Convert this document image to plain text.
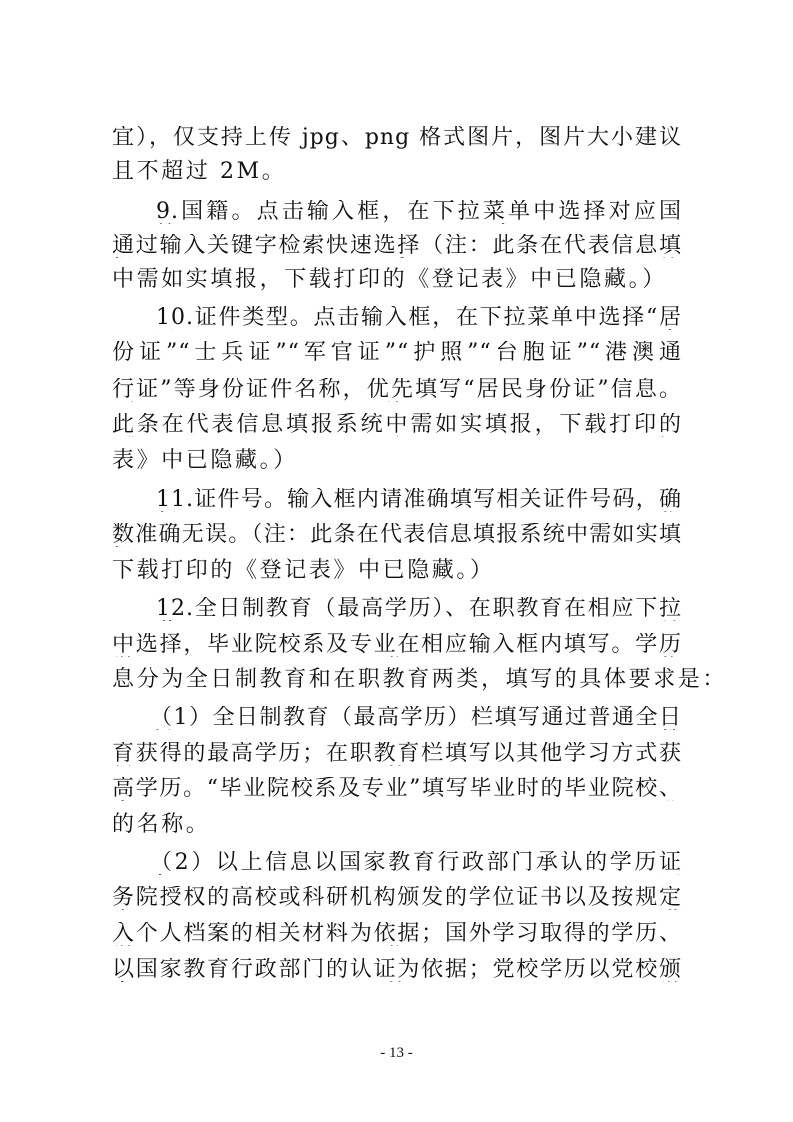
宜），仅支持上传 jpg、png 格式图片，图片大小建议
且不超过 2M。
9.国籍。点击输入框，在下拉菜单中选择对应国
通过输入关键字检索快速选择（注：此条在代表信息填
中需如实填报，下载打印的《登记表》中已隐藏。）
10.证件类型。点击输入框，在下拉菜单中选择“居
份证”“士兵证”“军官证”“护照”“台胞证”“港澳通
行证”等身份证件名称，优先填写“居民身份证”信息。
此条在代表信息填报系统中需如实填报，下载打印的
表》中已隐藏。）
11.证件号。输入框内请准确填写相关证件号码，确
数准确无误。（注：此条在代表信息填报系统中需如实填
下载打印的《登记表》中已隐藏。）
12.全日制教育（最高学历）、在职教育在相应下拉
中选择，毕业院校系及专业在相应输入框内填写。学历
息分为全日制教育和在职教育两类，填写的具体要求是：
（1）全日制教育（最高学历）栏填写通过普通全日
育获得的最高学历；在职教育栏填写以其他学习方式获
高学历。“毕业院校系及专业”填写毕业时的毕业院校、
的名称。
（2）以上信息以国家教育行政部门承认的学历证
务院授权的高校或科研机构颁发的学位证书以及按规定
入个人档案的相关材料为依据；国外学习取得的学历、
以国家教育行政部门的认证为依据；党校学历以党校颁
- 13 -
